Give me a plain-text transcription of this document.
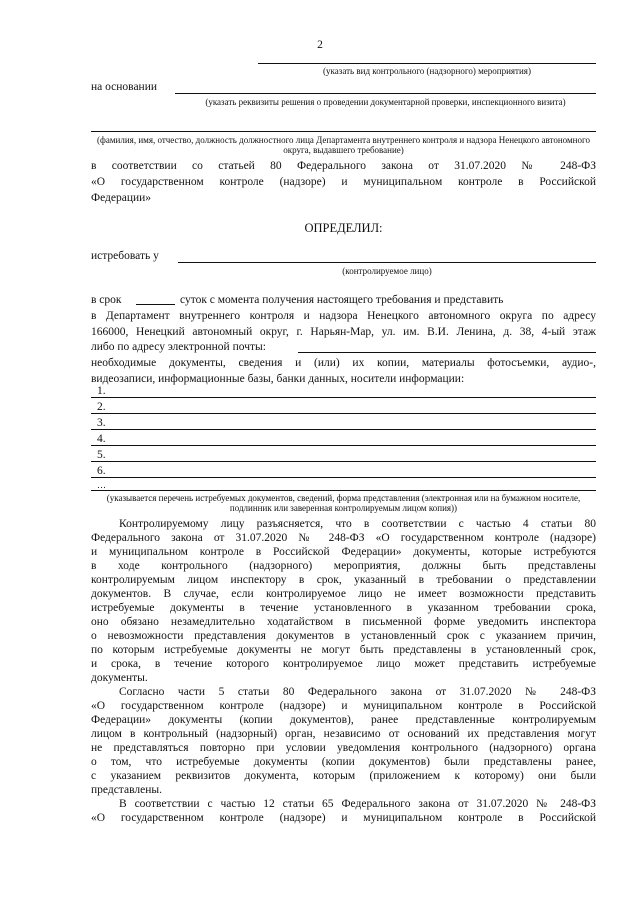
2
(указать вид контрольного (надзорного) мероприятия)
на основании
(указать реквизиты решения о проведении документарной проверки, инспекционного визита)
(фамилия, имя, отчество, должность должностного лица Департамента внутреннего контроля и надзора Ненецкого автономного округа, выдавшего требование)
в соответствии со статьей 80 Федерального закона от 31.07.2020 № 248-ФЗ
«О государственном контроле (надзоре) и муниципальном контроле в Российской
Федерации»
ОПРЕДЕЛИЛ:
истребовать у
(контролируемое лицо)
в срок	суток с момента получения настоящего требования и представить
в Департамент внутреннего контроля и надзора Ненецкого автономного округа по адресу
166000, Ненецкий автономный округ, г. Нарьян-Мар, ул. им. В.И. Ленина, д. 38, 4-ый этаж
либо по адресу электронной почты:
необходимые документы, сведения и (или) их копии, материалы фотосъемки, аудио-,
видеозаписи, информационные базы, банки данных, носители информации:
1.
2.
3.
4.
5.
6.
…
(указывается перечень истребуемых документов, сведений, форма представления (электронная или на бумажном носителе, подлинник или заверенная контролируемым лицом копия))
Контролируемому лицу разъясняется, что в соответствии с частью 4 статьи 80
Федерального закона от 31.07.2020 № 248-ФЗ «О государственном контроле (надзоре)
и муниципальном контроле в Российской Федерации» документы, которые истребуются
в ходе контрольного (надзорного) мероприятия, должны быть представлены
контролируемым лицом инспектору в срок, указанный в требовании о представлении
документов. В случае, если контролируемое лицо не имеет возможности представить
истребуемые документы в течение установленного в указанном требовании срока,
оно обязано незамедлительно ходатайством в письменной форме уведомить инспектора
о невозможности представления документов в установленный срок с указанием причин,
по которым истребуемые документы не могут быть представлены в установленный срок,
и срока, в течение которого контролируемое лицо может представить истребуемые
документы.
Согласно части 5 статьи 80 Федерального закона от 31.07.2020 № 248-ФЗ
«О государственном контроле (надзоре) и муниципальном контроле в Российской
Федерации» документы (копии документов), ранее представленные контролируемым
лицом в контрольный (надзорный) орган, независимо от оснований их представления могут
не представляться повторно при условии уведомления контрольного (надзорного) органа
о том, что истребуемые документы (копии документов) были представлены ранее,
с указанием реквизитов документа, которым (приложением к которому) они были
представлены.
В соответствии с частью 12 статьи 65 Федерального закона от 31.07.2020 № 248-ФЗ
«О государственном контроле (надзоре) и муниципальном контроле в Российской
